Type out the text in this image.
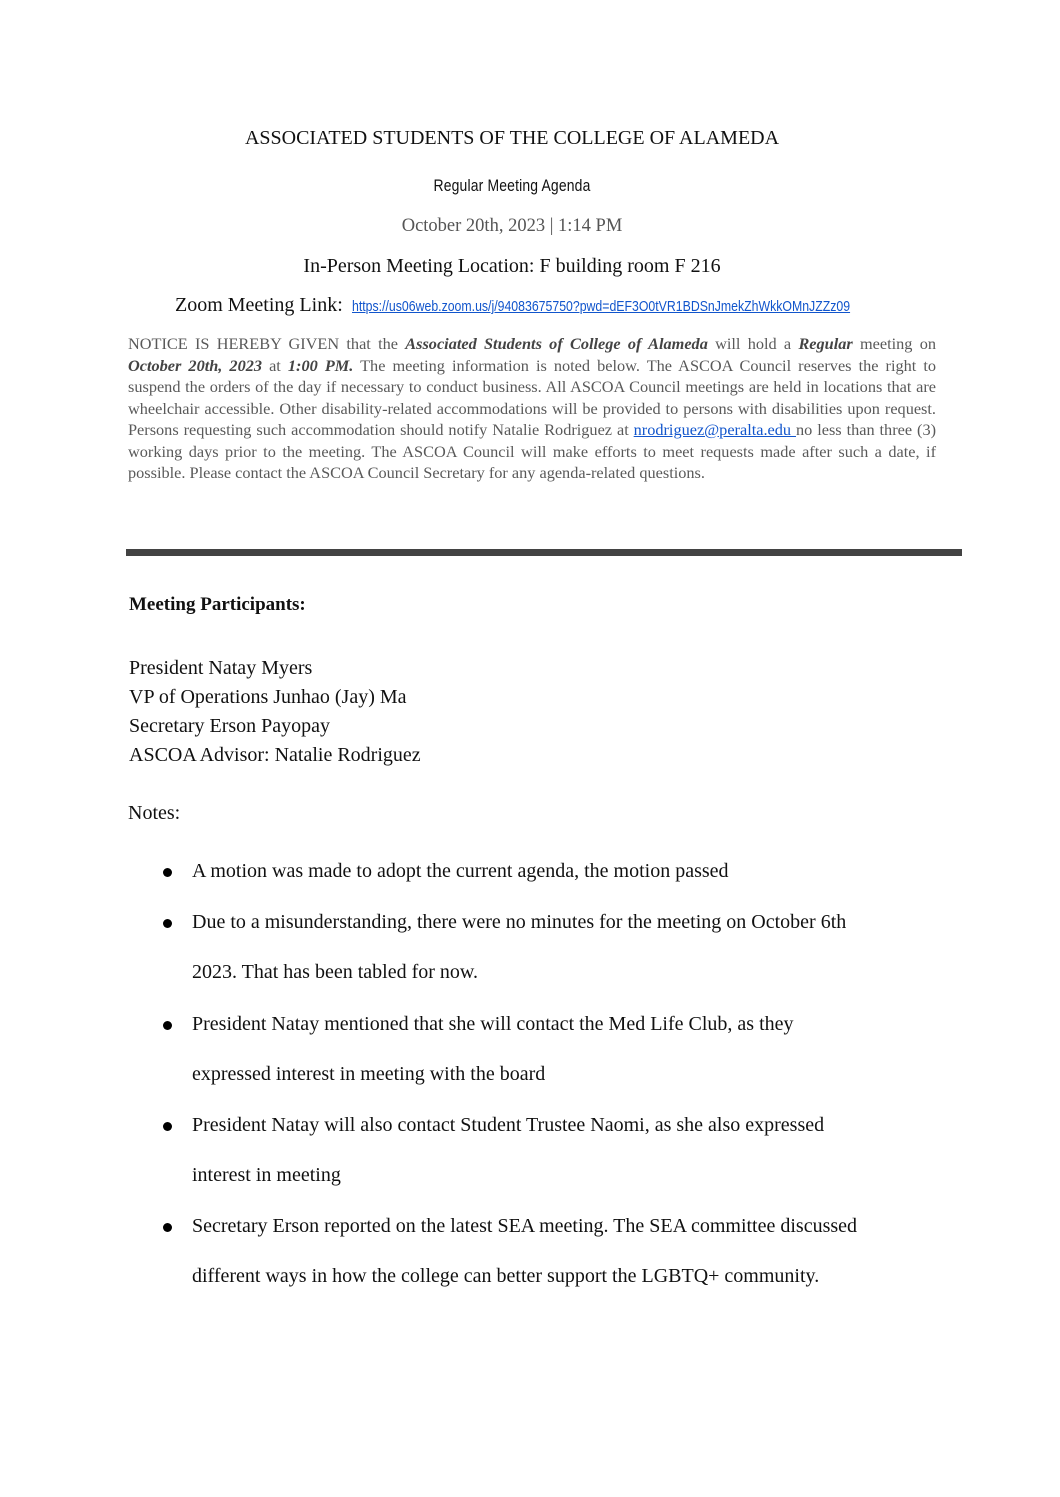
ASSOCIATED STUDENTS OF THE COLLEGE OF ALAMEDA
Regular Meeting Agenda
October 20th, 2023 | 1:14 PM
In-Person Meeting Location: F building room F 216
Zoom Meeting Link: https://us06web.zoom.us/j/94083675750?pwd=dEF3O0tVR1BDSnJmekZhWkkOMnJZZz09
NOTICE IS HEREBY GIVEN that the Associated Students of College of Alameda will hold a Regular meeting on October 20th, 2023 at 1:00 PM. The meeting information is noted below. The ASCOA Council reserves the right to suspend the orders of the day if necessary to conduct business. All ASCOA Council meetings are held in locations that are wheelchair accessible. Other disability-related accommodations will be provided to persons with disabilities upon request. Persons requesting such accommodation should notify Natalie Rodriguez at nrodriguez@peralta.edu no less than three (3) working days prior to the meeting. The ASCOA Council will make efforts to meet requests made after such a date, if possible. Please contact the ASCOA Council Secretary for any agenda-related questions.
Meeting Participants:
President Natay Myers
VP of Operations Junhao (Jay) Ma
Secretary Erson Payopay
ASCOA Advisor: Natalie Rodriguez
Notes:
A motion was made to adopt the current agenda, the motion passed
Due to a misunderstanding, there were no minutes for the meeting on October 6th
2023. That has been tabled for now.
President Natay mentioned that she will contact the Med Life Club, as they
expressed interest in meeting with the board
President Natay will also contact Student Trustee Naomi, as she also expressed
interest in meeting
Secretary Erson reported on the latest SEA meeting. The SEA committee discussed
different ways in how the college can better support the LGBTQ+ community.
